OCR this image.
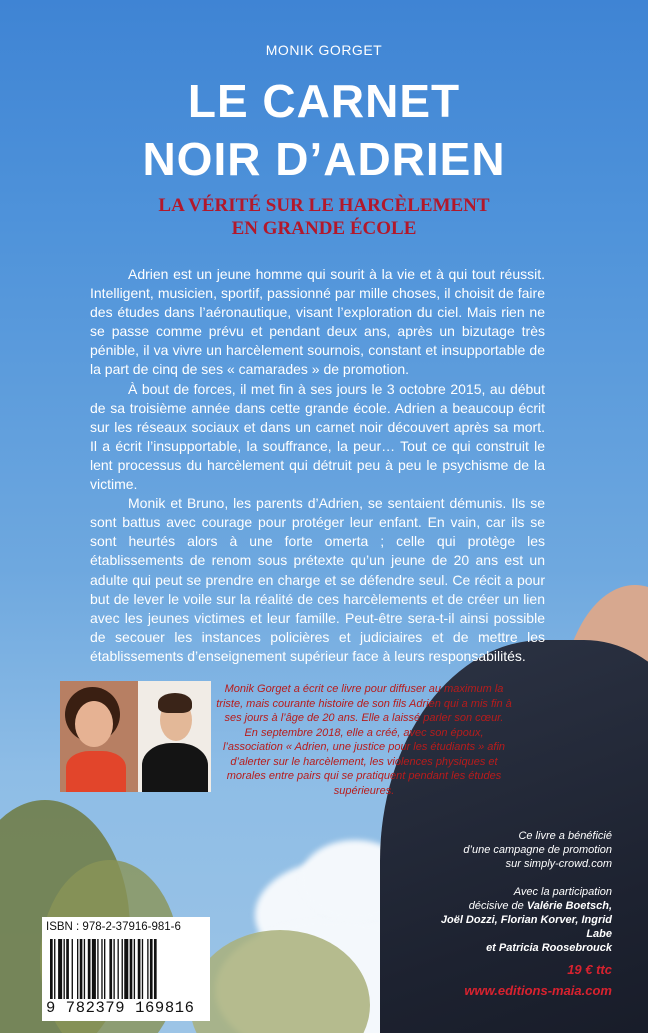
MONIK GORGET
LE CARNET
NOIR D’ADRIEN
LA VÉRITÉ SUR LE HARCÈLEMENT
EN GRANDE ÉCOLE

Adrien est un jeune homme qui sourit à la vie et à qui tout réussit. Intelligent, musicien, sportif, passionné par mille choses, il choisit de faire des études dans l’aéronautique, visant l’exploration du ciel. Mais rien ne se passe comme prévu et pendant deux ans, après un bizutage très pénible, il va vivre un harcèlement sournois, constant et insupportable de la part de cinq de ses « camarades » de promotion.

À bout de forces, il met fin à ses jours le 3 octobre 2015, au début de sa troisième année dans cette grande école. Adrien a beaucoup écrit sur les réseaux sociaux et dans un carnet noir découvert après sa mort. Il a écrit l’insupportable, la souffrance, la peur… Tout ce qui construit le lent processus du harcèlement qui détruit peu à peu le psychisme de la victime.

Monik et Bruno, les parents d’Adrien, se sentaient démunis. Ils se sont battus avec courage pour protéger leur enfant. En vain, car ils se sont heurtés alors à une forte omerta ; celle qui protège les établissements de renom sous prétexte qu’un jeune de 20 ans est un adulte qui peut se prendre en charge et se défendre seul. Ce récit a pour but de lever le voile sur la réalité de ces harcèlements et de créer un lien avec les jeunes victimes et leur famille. Peut-être sera-t-il ainsi possible de secouer les instances policières et judiciaires et de mettre les établissements d’enseignement supérieur face à leurs responsabilités.

Monik Gorget a écrit ce livre pour diffuser au maximum la triste, mais courante histoire de son fils Adrien qui a mis fin à ses jours à l’âge de 20 ans. Elle a laissé parler son cœur.

En septembre 2018, elle a créé, avec son époux, l’association « Adrien, une justice pour les étudiants » afin d’alerter sur le harcèlement, les violences physiques et morales entre pairs qui se pratiquent pendant les études supérieures.

Ce livre a bénéficié

d’une campagne de promotion

sur simply-crowd.com

Avec la participation

décisive de Valérie Boetsch,

Joël Dozzi, Florian Korver, Ingrid Labe

et Patricia Roosebrouck

19 € ttc
www.editions-maia.com
ISBN : 978-2-37916-981-6
9 782379 169816
